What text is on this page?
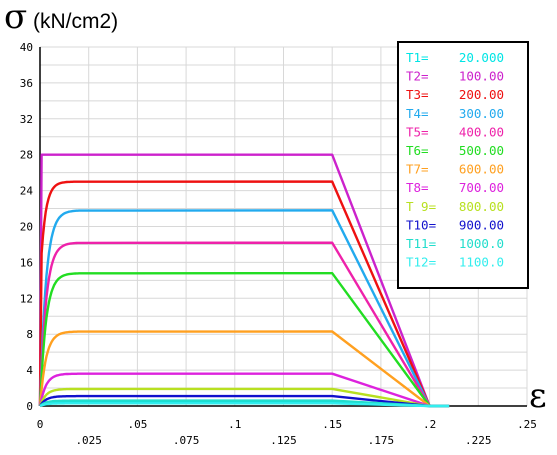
0
4
8
12
16
20
24
28
32
36
40
0	.05	.1	.15	.2	.25
.025	.075	.125	.175	.225
σ (kN/cm2)
ε
T1= 20.000
T2= 100.00
T3= 200.00
T4= 300.00
T5= 400.00
T6= 500.00
T7= 600.00
T8= 700.00
T 9= 800.00
T10= 900.00
T11= 1000.0
T12= 1100.0
